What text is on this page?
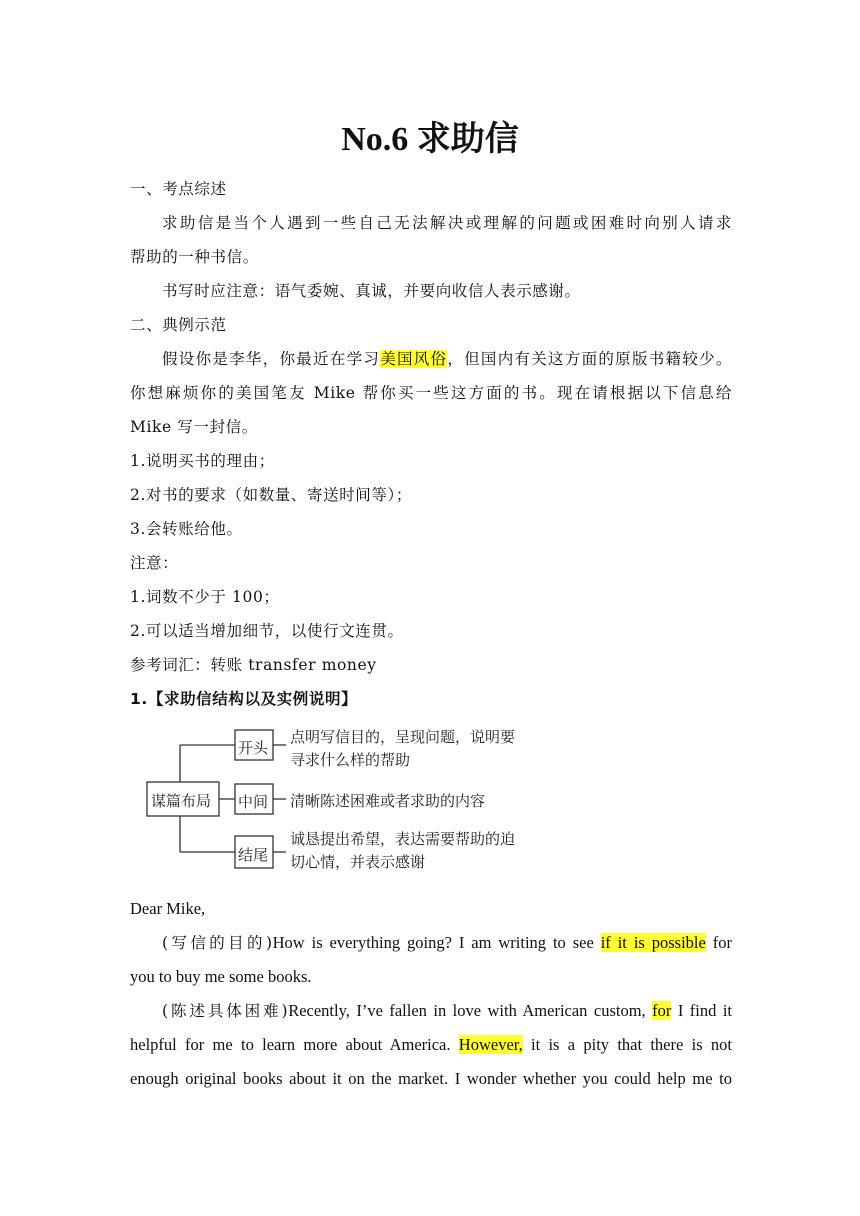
No.6 求助信
一、考点综述
求助信是当个人遇到一些自己无法解决或理解的问题或困难时向别人请求
帮助的一种书信。
书写时应注意：语气委婉、真诚，并要向收信人表示感谢。
二、典例示范
假设你是李华，你最近在学习美国风俗，但国内有关这方面的原版书籍较少。
你想麻烦你的美国笔友 Mike 帮你买一些这方面的书。现在请根据以下信息给
Mike 写一封信。
1.说明买书的理由；
2.对书的要求（如数量、寄送时间等）；
3.会转账给他。
注意：
1.词数不少于 100；
2.可以适当增加细节，以使行文连贯。
参考词汇：转账 transfer money
1.【求助信结构以及实例说明】
谋篇布局
开头
中间
结尾
点明写信目的，呈现问题，说明要
寻求什么样的帮助
清晰陈述困难或者求助的内容
诚恳提出希望，表达需要帮助的迫
切心情，并表示感谢
Dear Mike,
(写信的目的)How is everything going? I am writing to see if it is possible for
you to buy me some books.
(陈述具体困难)Recently, I’ve fallen in love with American custom, for I find it
helpful for me to learn more about America. However, it is a pity that there is not
enough original books about it on the market. I wonder whether you could help me to
